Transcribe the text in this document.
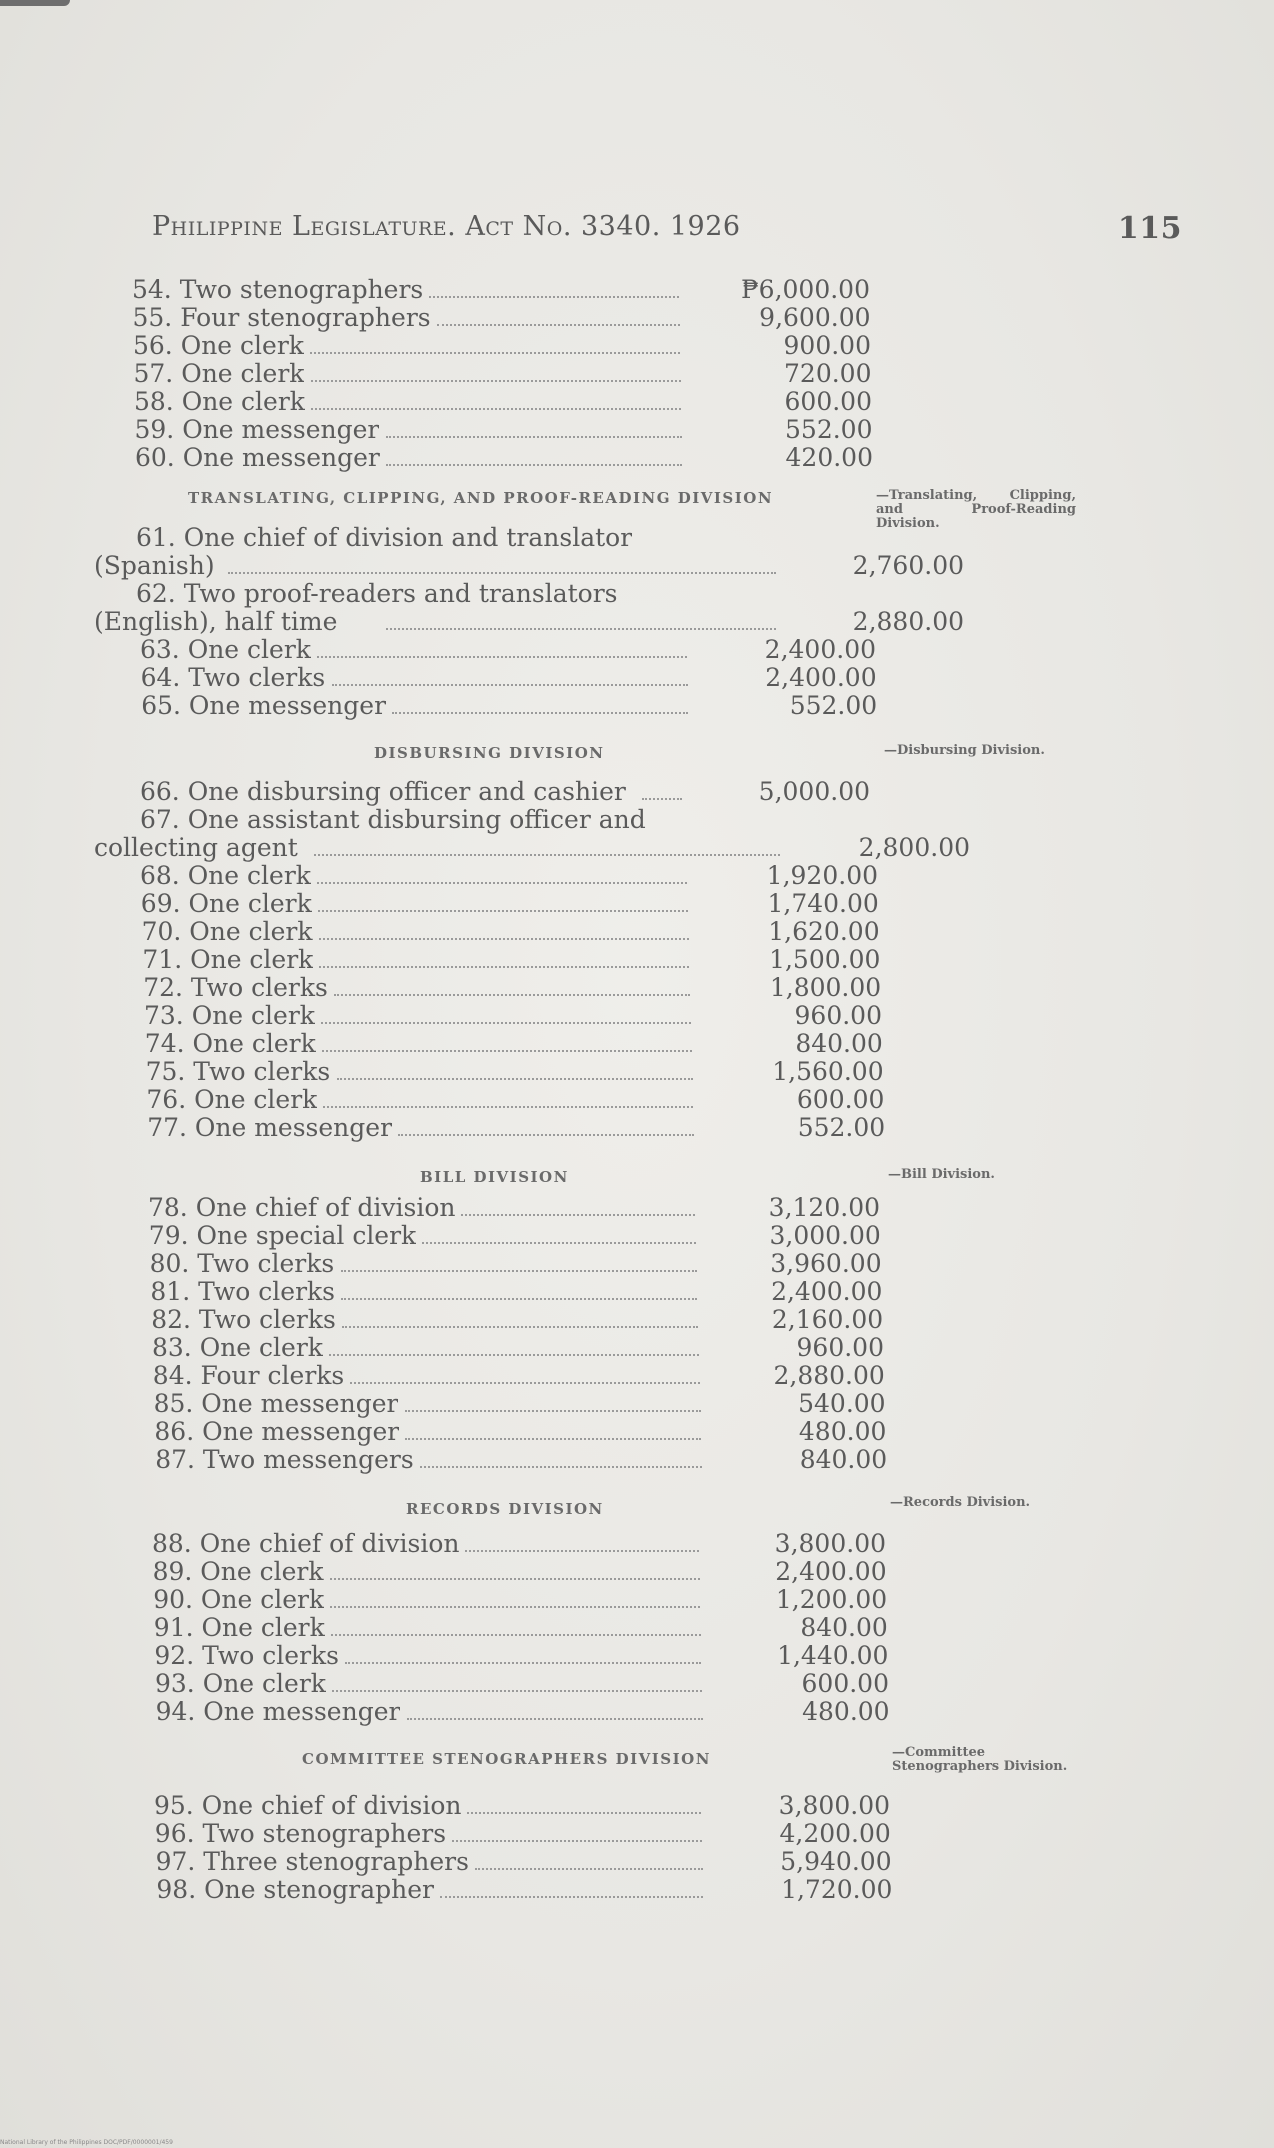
Philippine Legislature. Act No. 3340. 1926	115
54. Two stenographers	₱6,000.00
55. Four stenographers	9,600.00
56. One clerk	900.00
57. One clerk	720.00
58. One clerk	600.00
59. One messenger	552.00
60. One messenger	420.00
TRANSLATING, CLIPPING, AND PROOF-READING DIVISION	—Translating, Clipping, and Proof-Reading Division.
61. One chief of division and translator
(Spanish)	2,760.00
62. Two proof-readers and translators
(English), half time	2,880.00
63. One clerk	2,400.00
64. Two clerks	2,400.00
65. One messenger	552.00
DISBURSING DIVISION	—Disbursing Division.
66. One disbursing officer and cashier	5,000.00
67. One assistant disbursing officer and
collecting agent	2,800.00
68. One clerk	1,920.00
69. One clerk	1,740.00
70. One clerk	1,620.00
71. One clerk	1,500.00
72. Two clerks	1,800.00
73. One clerk	960.00
74. One clerk	840.00
75. Two clerks	1,560.00
76. One clerk	600.00
77. One messenger	552.00
BILL DIVISION	—Bill Division.
78. One chief of division	3,120.00
79. One special clerk	3,000.00
80. Two clerks	3,960.00
81. Two clerks	2,400.00
82. Two clerks	2,160.00
83. One clerk	960.00
84. Four clerks	2,880.00
85. One messenger	540.00
86. One messenger	480.00
87. Two messengers	840.00
RECORDS DIVISION	—Records Division.
88. One chief of division	3,800.00
89. One clerk	2,400.00
90. One clerk	1,200.00
91. One clerk	840.00
92. Two clerks	1,440.00
93. One clerk	600.00
94. One messenger	480.00
COMMITTEE STENOGRAPHERS DIVISION	—Committee Stenographers Division.
95. One chief of division	3,800.00
96. Two stenographers	4,200.00
97. Three stenographers	5,940.00
98. One stenographer	1,720.00
National Library of the Philippines DOC/PDF/0000001/459
